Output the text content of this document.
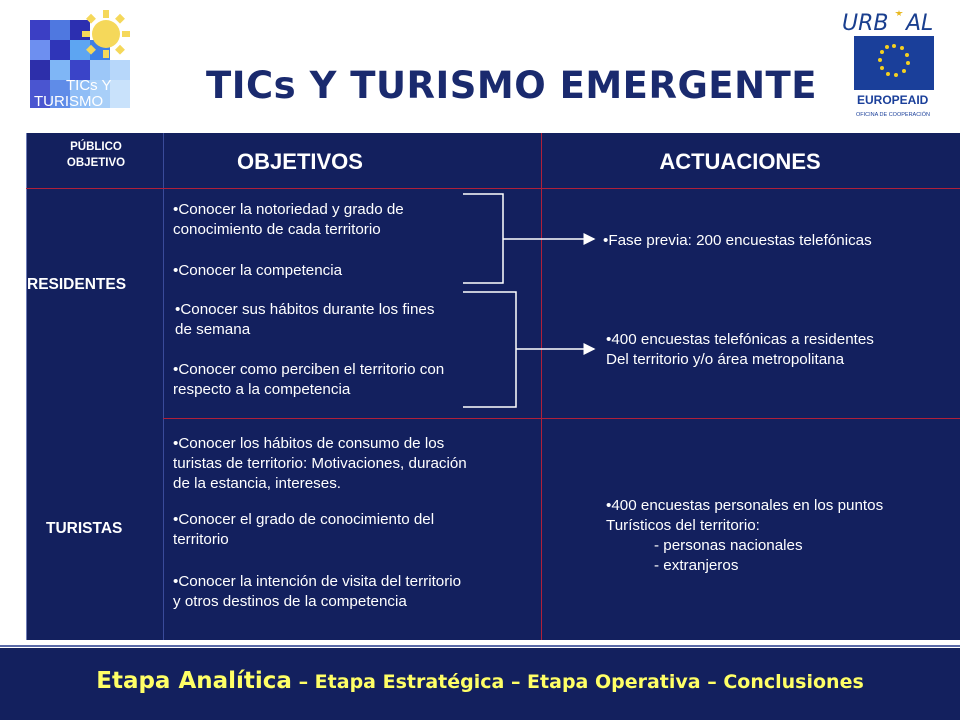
TICs Y
TURISMO
URB AL
EUROPEAID
OFICINA DE COOPERACIÓN
TICs Y TURISMO EMERGENTE
PÚBLICO
OBJETIVO	OBJETIVOS	ACTUACIONES
RESIDENTES
TURISTAS
•Conocer la notoriedad y grado de
conocimiento de cada territorio
•Conocer la competencia
•Conocer sus hábitos durante los fines
de semana
•Conocer como perciben el territorio con
respecto a la competencia
•Fase previa: 200 encuestas telefónicas
•400 encuestas telefónicas a residentes
Del territorio y/o área metropolitana
•Conocer los hábitos de consumo de los
turistas de territorio: Motivaciones, duración
de la estancia, intereses.
•Conocer el grado de conocimiento del
territorio
•Conocer la intención de visita del territorio
y otros destinos de la competencia
•400 encuestas personales en los puntos
Turísticos del territorio:
- personas nacionales
- extranjeros
Etapa Analítica – Etapa Estratégica – Etapa Operativa – Conclusiones
